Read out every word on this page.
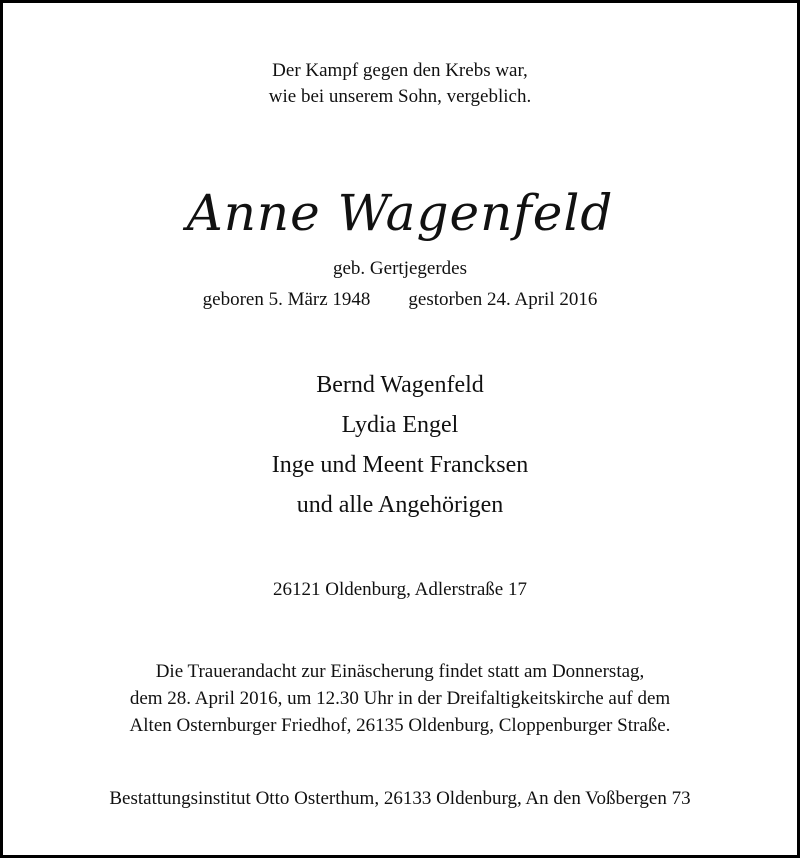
Der Kampf gegen den Krebs war,
wie bei unserem Sohn, vergeblich.
Anne Wagenfeld
geb. Gertjegerdes
geboren 5. März 1948 gestorben 24. April 2016
Bernd Wagenfeld
Lydia Engel
Inge und Meent Francksen
und alle Angehörigen
26121 Oldenburg, Adlerstraße 17
Die Trauerandacht zur Einäscherung findet statt am Donnerstag,
dem 28. April 2016, um 12.30 Uhr in der Dreifaltigkeitskirche auf dem
Alten Osternburger Friedhof, 26135 Oldenburg, Cloppenburger Straße.
Bestattungsinstitut Otto Osterthum, 26133 Oldenburg, An den Voßbergen 73
